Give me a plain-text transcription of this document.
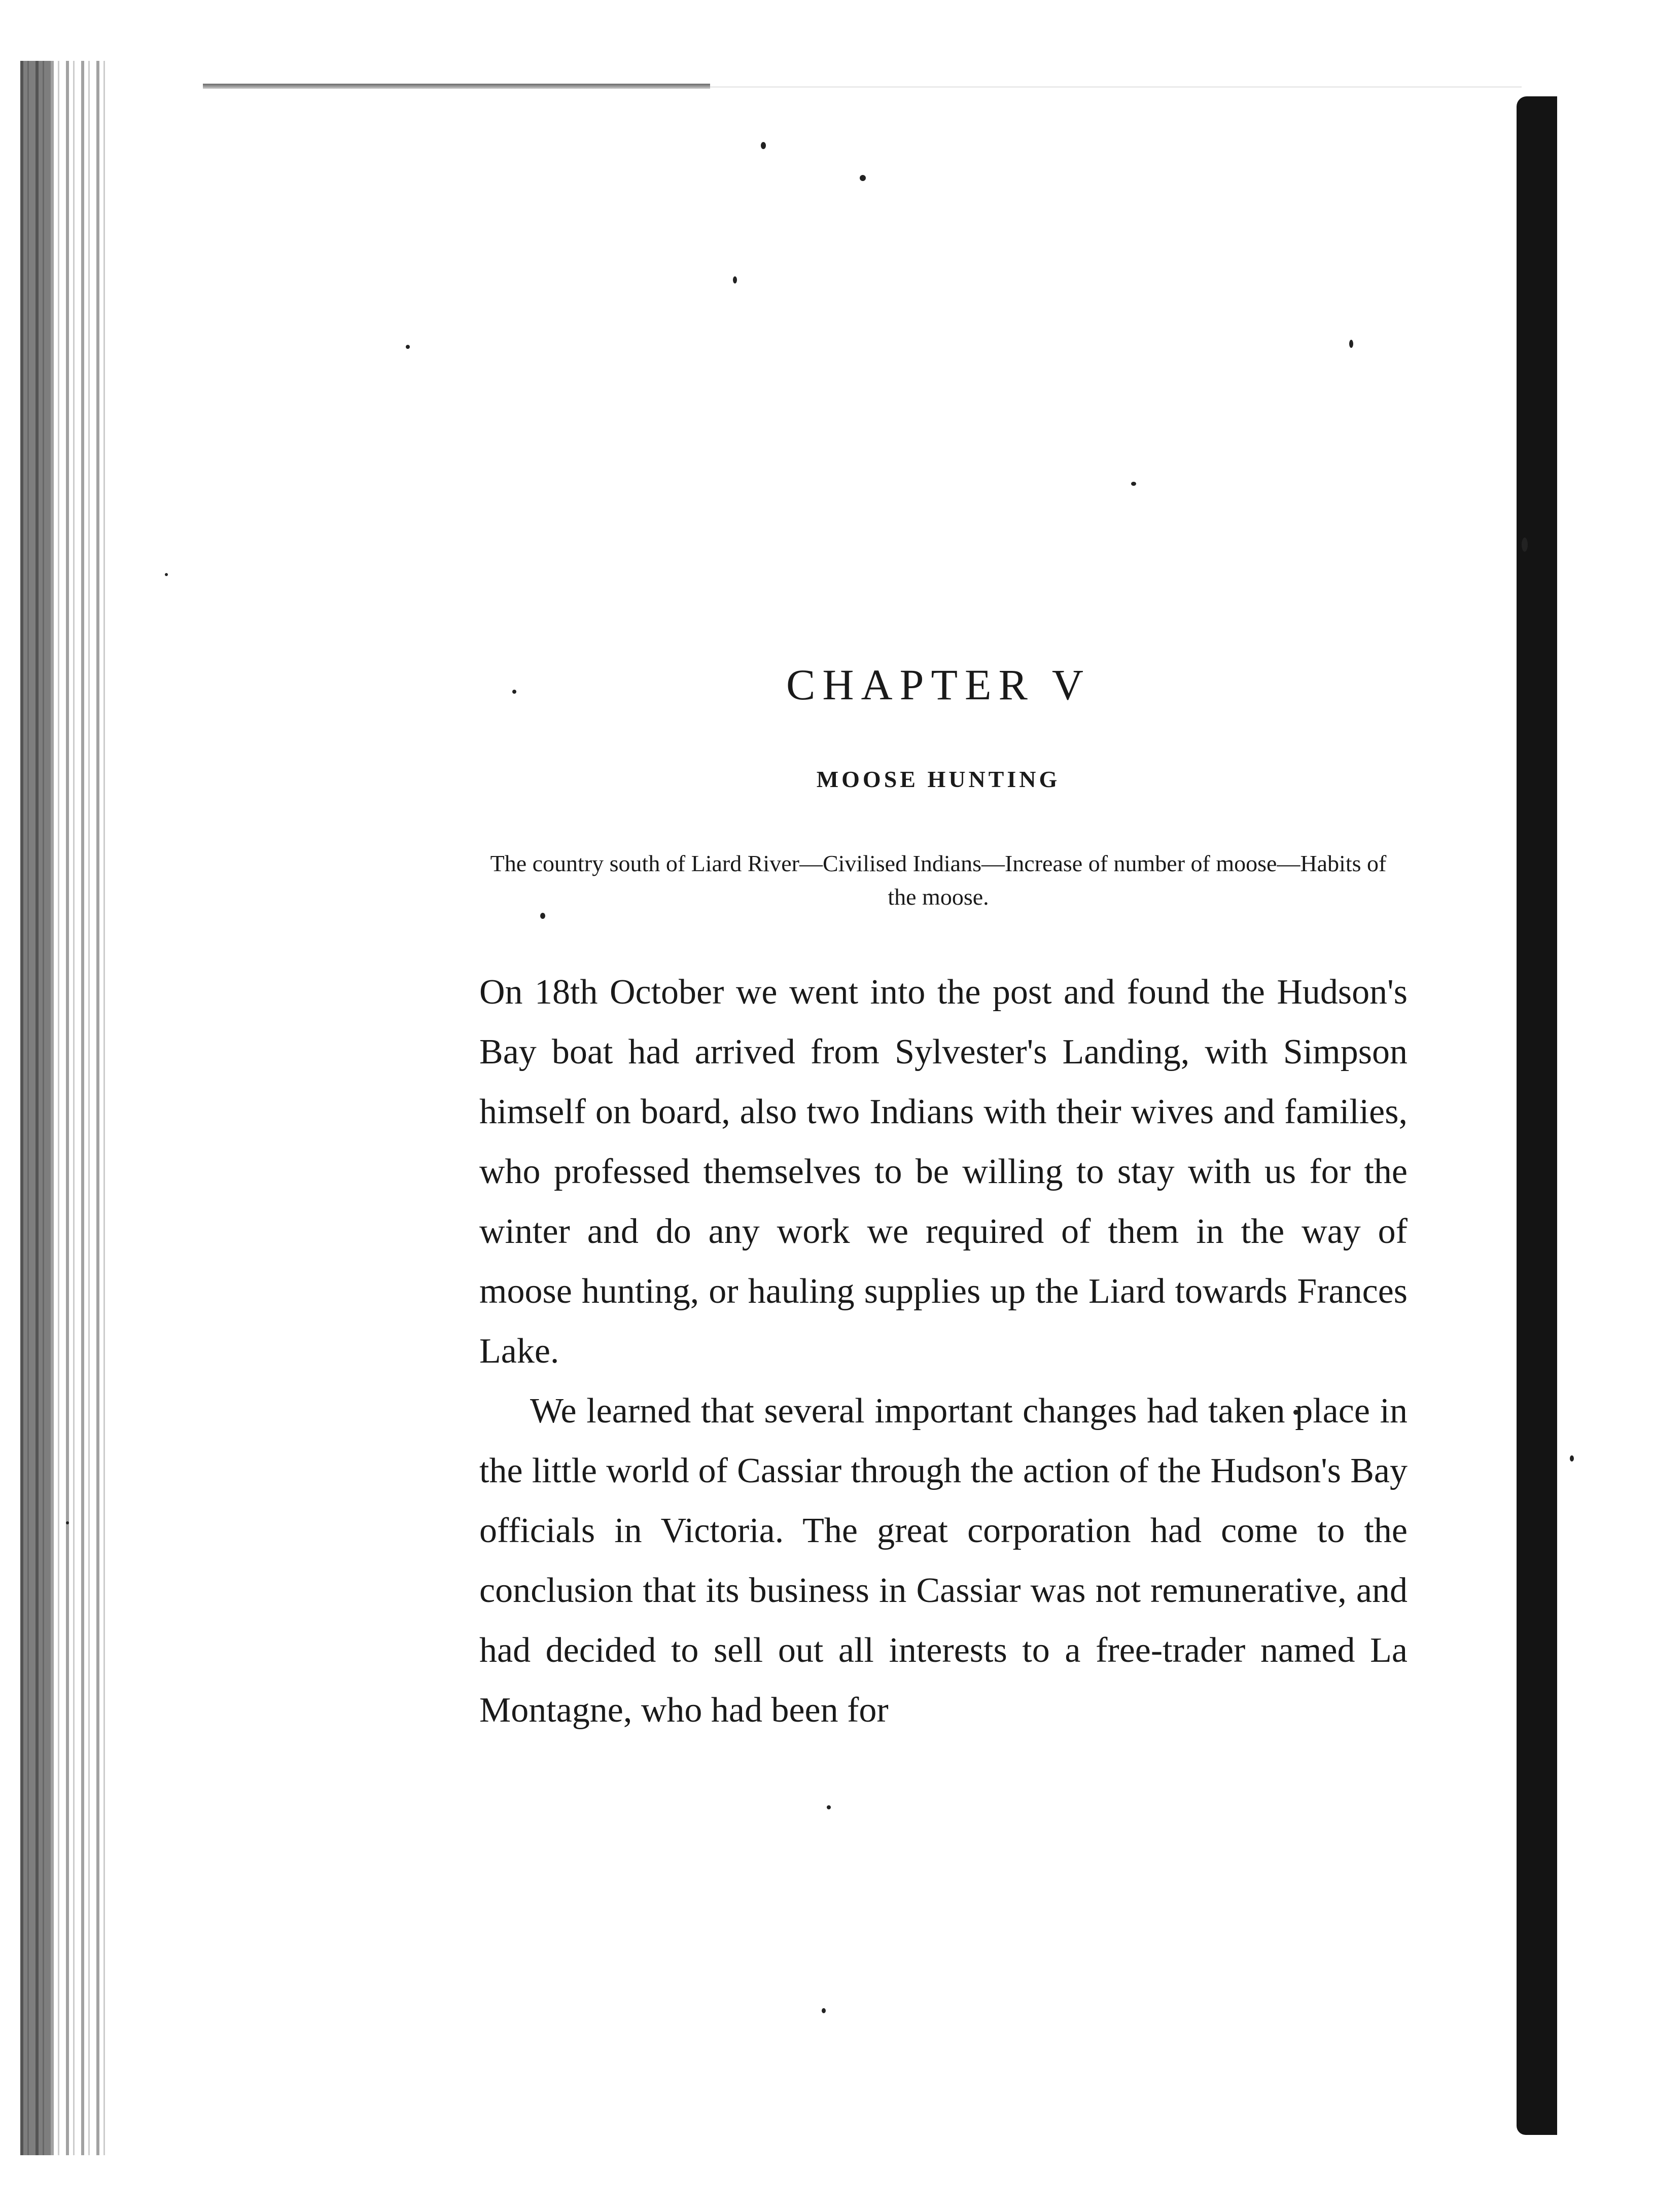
CHAPTER V
MOOSE HUNTING

The country south of Liard River—Civilised Indians—Increase of number of moose—Habits of the moose.

On 18th October we went into the post and found the Hudson's Bay boat had arrived from Sylvester's Landing, with Simpson himself on board, also two Indians with their wives and families, who professed themselves to be willing to stay with us for the winter and do any work we required of them in the way of moose hunting, or hauling supplies up the Liard towards Frances Lake.

We learned that several important changes had taken place in the little world of Cassiar through the action of the Hudson's Bay officials in Victoria. The great corporation had come to the conclusion that its business in Cassiar was not remunerative, and had decided to sell out all interests to a free-trader named La Montagne, who had been for
